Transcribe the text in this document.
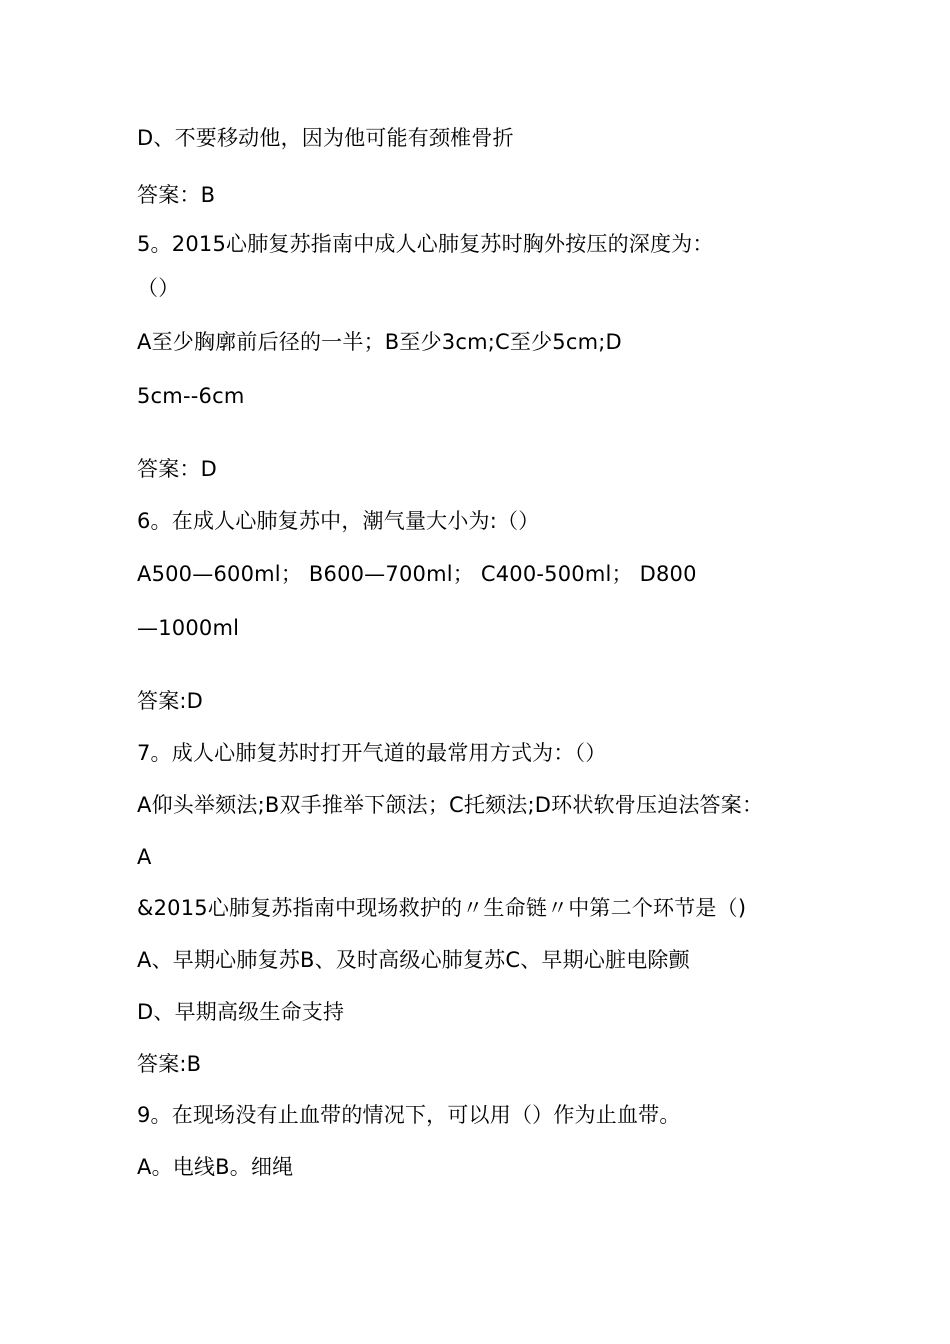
D、不要移动他，因为他可能有颈椎骨折
答案：B
5。2015心肺复苏指南中成人心肺复苏时胸外按压的深度为：
（）
A至少胸廓前后径的一半；B至少3cm;C至少5cm;D
5cm--6cm
答案：D
6。在成人心肺复苏中，潮气量大小为:（）
A500—600ml； B600—700ml； C400-500ml； D800
—1000ml
答案:D
7。成人心肺复苏时打开气道的最常用方式为：（）
A仰头举颏法;B双手推举下颌法；C托颏法;D环状软骨压迫法答案：
A
&2015心肺复苏指南中现场救护的〃生命链〃中第二个环节是（)
A、早期心肺复苏B、及时高级心肺复苏C、早期心脏电除颤
D、早期高级生命支持
答案:B
9。在现场没有止血带的情况下，可以用（）作为止血带。
A。电线B。细绳
